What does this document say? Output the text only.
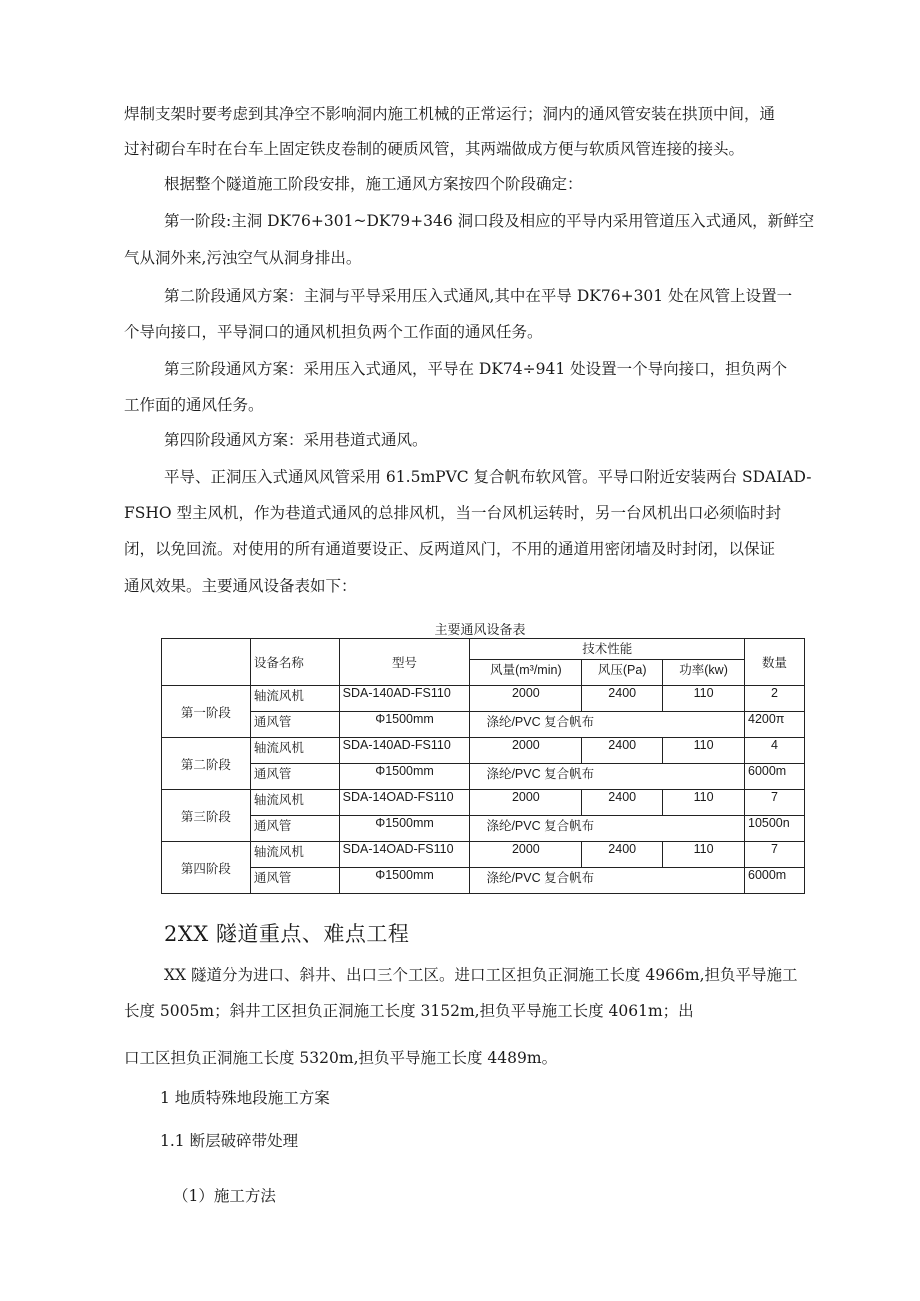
焊制支架时要考虑到其净空不影响洞内施工机械的正常运行；洞内的通风管安装在拱顶中间，通

过衬砌台车时在台车上固定铁皮卷制的硬质风管，其两端做成方便与软质风管连接的接头。

根据整个隧道施工阶段安排，施工通风方案按四个阶段确定：

第一阶段:主洞 DK76+301~DK79+346 洞口段及相应的平导内采用管道压入式通风，新鲜空

气从洞外来,污浊空气从洞身排出。

第二阶段通风方案：主洞与平导采用压入式通风,其中在平导 DK76+301 处在风管上设置一

个导向接口，平导洞口的通风机担负两个工作面的通风任务。

第三阶段通风方案：采用压入式通风，平导在 DK74÷941 处设置一个导向接口，担负两个

工作面的通风任务。

第四阶段通风方案：采用巷道式通风。

平导、正洞压入式通风风管采用 61.5mPVC 复合帆布软风管。平导口附近安装两台 SDAIAD-

FSHO 型主风机，作为巷道式通风的总排风机，当一台风机运转时，另一台风机出口必须临时封

闭，以免回流。对使用的所有通道要设正、反两道风门，不用的通道用密闭墙及时封闭，以保证

通风效果。主要通风设备表如下：

主要通风设备表
	设备名称	型号	技术性能			数量
			风量(m³/min)	风压(Pa)	功率(kw)	
第一阶段	轴流风机	SDA-140AD-FS110	2000	2400	110	2
	通风管	Φ1500mm	涤纶/PVC 复合帆布			4200π
第二阶段	轴流风机	SDA-140AD-FS110	2000	2400	110	4
	通风管	Φ1500mm	涤纶/PVC 复合帆布			6000m
第三阶段	轴流风机	SDA-14OAD-FS110	2000	2400	110	7
	通风管	Φ1500mm	涤纶/PVC 复合帆布			10500n
第四阶段	轴流风机	SDA-14OAD-FS110	2000	2400	110	7
	通风管	Φ1500mm	涤纶/PVC 复合帆布			6000m
2XX 隧道重点、难点工程

XX 隧道分为进口、斜井、出口三个工区。进口工区担负正洞施工长度 4966m,担负平导施工

长度 5005m；斜井工区担负正洞施工长度 3152m,担负平导施工长度 4061m；出

口工区担负正洞施工长度 5320m,担负平导施工长度 4489m。

1 地质特殊地段施工方案
1.1 断层破碎带处理
（1）施工方法
